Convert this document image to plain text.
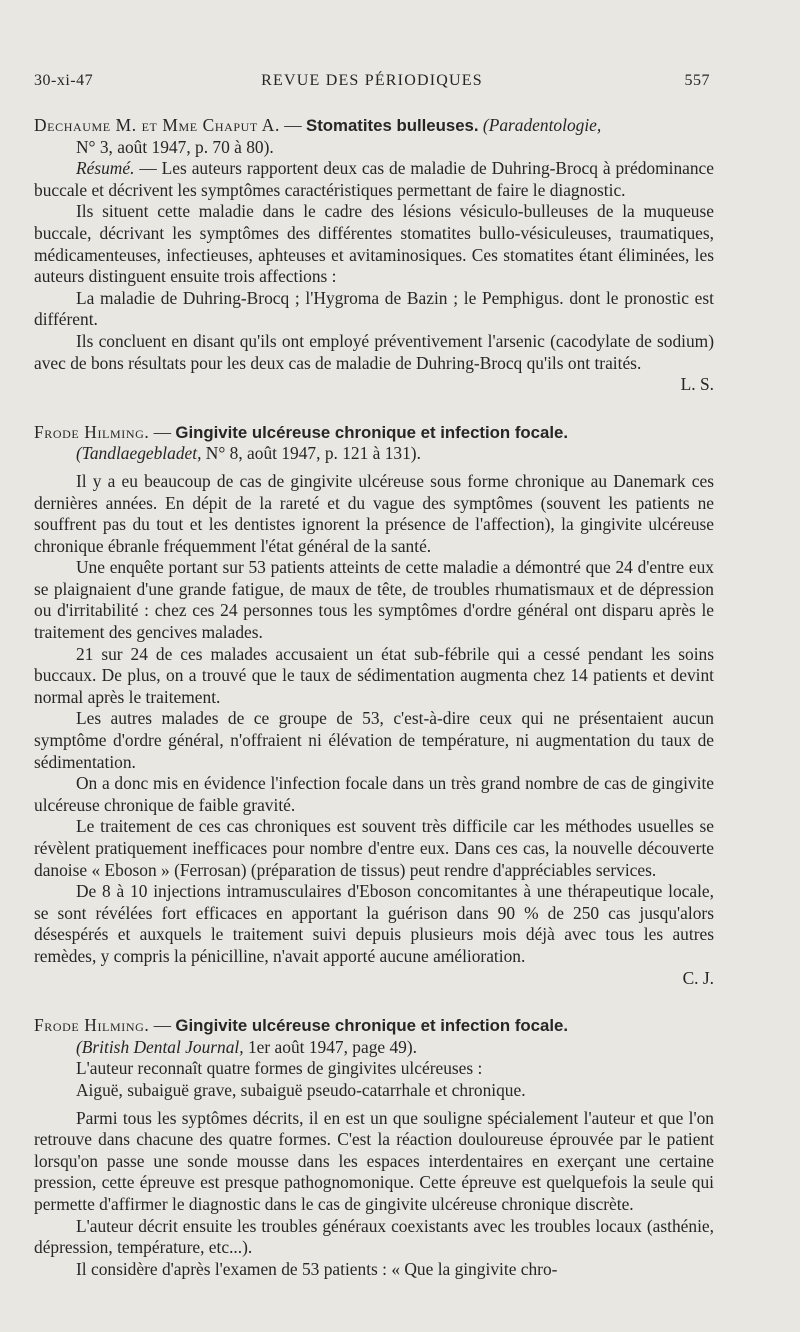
30-xi-47	REVUE DES PÉRIODIQUES	557

Dechaume M. et Mme Chaput A. — Stomatites bulleuses. (Paradentologie,
N° 3, août 1947, p. 70 à 80).

Résumé. — Les auteurs rapportent deux cas de maladie de Duhring-Brocq à prédominance buccale et décrivent les symptômes caractéristiques permettant de faire le diagnostic.

Ils situent cette maladie dans le cadre des lésions vésiculo-bulleuses de la muqueuse buccale, décrivant les symptômes des différentes stomatites bullo-vésiculeuses, traumatiques, médicamenteuses, infectieuses, aphteuses et avitaminosiques. Ces stomatites étant éliminées, les auteurs distinguent ensuite trois affections :

La maladie de Duhring-Brocq ; l'Hygroma de Bazin ; le Pemphigus. dont le pronostic est différent.

Ils concluent en disant qu'ils ont employé préventivement l'arsenic (cacodylate de sodium) avec de bons résultats pour les deux cas de maladie de Duhring-Brocq qu'ils ont traités.

L. S.

Frode Hilming. — Gingivite ulcéreuse chronique et infection focale.
(Tandlaegebladet, N° 8, août 1947, p. 121 à 131).

Il y a eu beaucoup de cas de gingivite ulcéreuse sous forme chronique au Danemark ces dernières années. En dépit de la rareté et du vague des symptômes (souvent les patients ne souffrent pas du tout et les dentistes ignorent la présence de l'affection), la gingivite ulcéreuse chronique ébranle fréquemment l'état général de la santé.

Une enquête portant sur 53 patients atteints de cette maladie a démontré que 24 d'entre eux se plaignaient d'une grande fatigue, de maux de tête, de troubles rhumatismaux et de dépression ou d'irritabilité : chez ces 24 personnes tous les symptômes d'ordre général ont disparu après le traitement des gencives malades.

21 sur 24 de ces malades accusaient un état sub-fébrile qui a cessé pendant les soins buccaux. De plus, on a trouvé que le taux de sédimentation augmenta chez 14 patients et devint normal après le traitement.

Les autres malades de ce groupe de 53, c'est-à-dire ceux qui ne présentaient aucun symptôme d'ordre général, n'offraient ni élévation de température, ni augmentation du taux de sédimentation.

On a donc mis en évidence l'infection focale dans un très grand nombre de cas de gingivite ulcéreuse chronique de faible gravité.

Le traitement de ces cas chroniques est souvent très difficile car les méthodes usuelles se révèlent pratiquement inefficaces pour nombre d'entre eux. Dans ces cas, la nouvelle découverte danoise « Eboson » (Ferrosan) (préparation de tissus) peut rendre d'appréciables services.

De 8 à 10 injections intramusculaires d'Eboson concomitantes à une thérapeutique locale, se sont révélées fort efficaces en apportant la guérison dans 90 % de 250 cas jusqu'alors désespérés et auxquels le traitement suivi depuis plusieurs mois déjà avec tous les autres remèdes, y compris la pénicilline, n'avait apporté aucune amélioration.

C. J.

Frode Hilming. — Gingivite ulcéreuse chronique et infection focale.
(British Dental Journal, 1er août 1947, page 49).

L'auteur reconnaît quatre formes de gingivites ulcéreuses :

Aiguë, subaiguë grave, subaiguë pseudo-catarrhale et chronique.

Parmi tous les syptômes décrits, il en est un que souligne spécialement l'auteur et que l'on retrouve dans chacune des quatre formes. C'est la réaction douloureuse éprouvée par le patient lorsqu'on passe une sonde mousse dans les espaces interdentaires en exerçant une certaine pression, cette épreuve est presque pathognomonique. Cette épreuve est quelquefois la seule qui permette d'affirmer le diagnostic dans le cas de gingivite ulcéreuse chronique discrète.

L'auteur décrit ensuite les troubles généraux coexistants avec les troubles locaux (asthénie, dépression, température, etc...).

Il considère d'après l'examen de 53 patients : « Que la gingivite chro-
